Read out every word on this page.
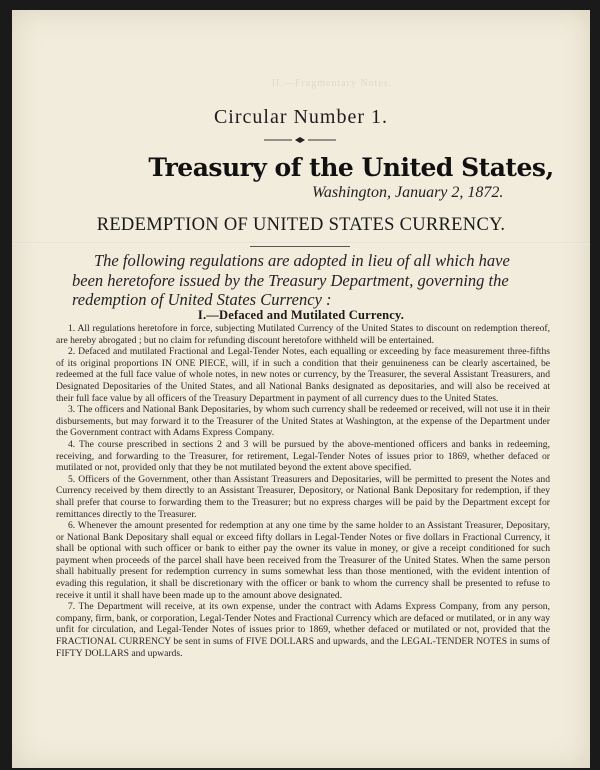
II.—Fragmentary Notes.
Circular Number 1.
Treasury of the United States,
Washington, January 2, 1872.
REDEMPTION OF UNITED STATES CURRENCY.
The following regulations are adopted in lieu of all which have been heretofore issued by the Treasury Department, governing the redemption of United States Currency :
I.—Defaced and Mutilated Currency.

1. All regulations heretofore in force, subjecting Mutilated Currency of the United States to discount on redemption thereof, are hereby abrogated ; but no claim for refunding discount heretofore withheld will be entertained.

2. Defaced and mutilated Fractional and Legal-Tender Notes, each equalling or exceeding by face measurement three-fifths of its original proportions IN ONE PIECE, will, if in such a condition that their genuineness can be clearly ascertained, be redeemed at the full face value of whole notes, in new notes or currency, by the Treasurer, the several Assistant Treasurers, and Designated Depositaries of the United States, and all National Banks designated as depositaries, and will also be received at their full face value by all officers of the Treasury Department in payment of all currency dues to the United States.

3. The officers and National Bank Depositaries, by whom such currency shall be redeemed or received, will not use it in their disbursements, but may forward it to the Treasurer of the United States at Washington, at the expense of the Department under the Government contract with Adams Express Company.

4. The course prescribed in sections 2 and 3 will be pursued by the above-mentioned officers and banks in redeeming, receiving, and forwarding to the Treasurer, for retirement, Legal-Tender Notes of issues prior to 1869, whether defaced or mutilated or not, provided only that they be not mutilated beyond the extent above specified.

5. Officers of the Government, other than Assistant Treasurers and Depositaries, will be permitted to present the Notes and Currency received by them directly to an Assistant Treasurer, Depository, or National Bank Depositary for redemption, if they shall prefer that course to forwarding them to the Treasurer; but no express charges will be paid by the Department except for remittances directly to the Treasurer.

6. Whenever the amount presented for redemption at any one time by the same holder to an Assistant Treasurer, Depositary, or National Bank Depositary shall equal or exceed fifty dollars in Legal-Tender Notes or five dollars in Fractional Currency, it shall be optional with such officer or bank to either pay the owner its value in money, or give a receipt conditioned for such payment when proceeds of the parcel shall have been received from the Treasurer of the United States. When the same person shall habitually present for redemption currency in sums somewhat less than those mentioned, with the evident intention of evading this regulation, it shall be discretionary with the officer or bank to whom the currency shall be presented to refuse to receive it until it shall have been made up to the amount above designated.

7. The Department will receive, at its own expense, under the contract with Adams Express Company, from any person, company, firm, bank, or corporation, Legal-Tender Notes and Fractional Currency which are defaced or mutilated, or in any way unfit for circulation, and Legal-Tender Notes of issues prior to 1869, whether defaced or mutilated or not, provided that the FRACTIONAL CURRENCY be sent in sums of FIVE DOLLARS and upwards, and the LEGAL-TENDER NOTES in sums of FIFTY DOLLARS and upwards.
